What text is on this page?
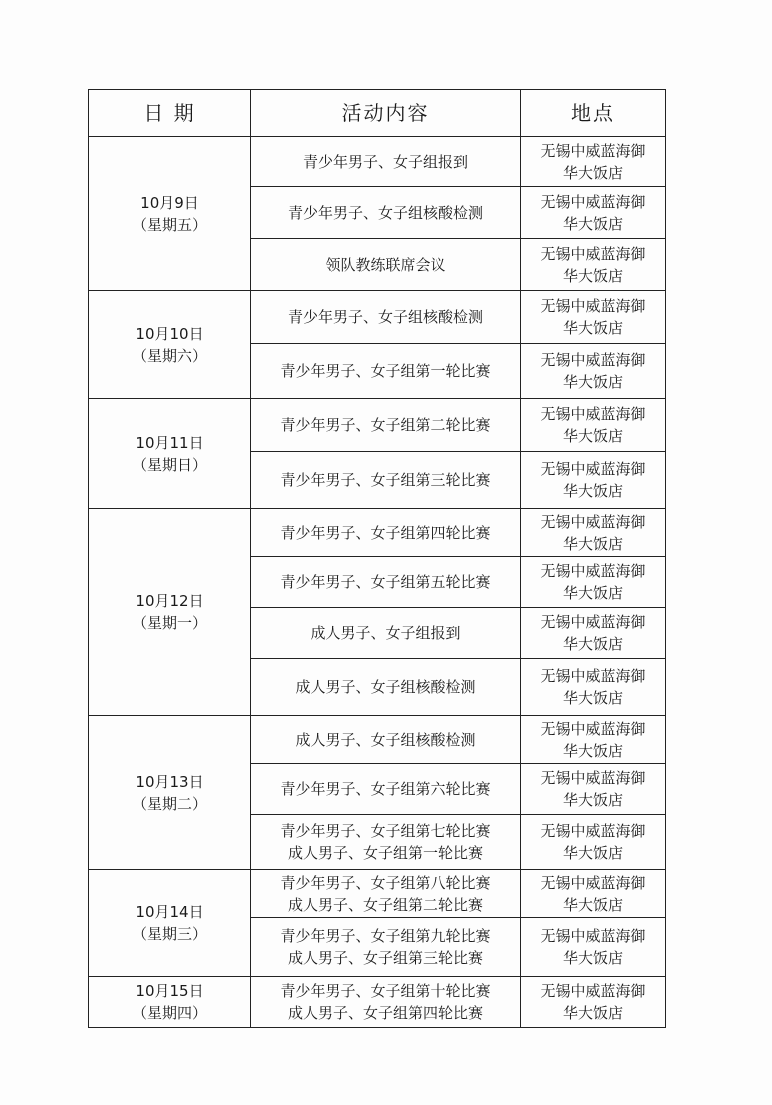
日 期	活动内容	地点

10月9日
（星期五）	青少年男子、女子组报到	无锡中威蓝海御
华大饭店

	青少年男子、女子组核酸检测	无锡中威蓝海御
华大饭店

	领队教练联席会议	无锡中威蓝海御
华大饭店

10月10日
（星期六）	青少年男子、女子组核酸检测	无锡中威蓝海御
华大饭店

	青少年男子、女子组第一轮比赛	无锡中威蓝海御
华大饭店

10月11日
（星期日）	青少年男子、女子组第二轮比赛	无锡中威蓝海御
华大饭店

	青少年男子、女子组第三轮比赛	无锡中威蓝海御
华大饭店

10月12日
（星期一）	青少年男子、女子组第四轮比赛	无锡中威蓝海御
华大饭店

	青少年男子、女子组第五轮比赛	无锡中威蓝海御
华大饭店

	成人男子、女子组报到	无锡中威蓝海御
华大饭店

	成人男子、女子组核酸检测	无锡中威蓝海御
华大饭店

10月13日
（星期二）	成人男子、女子组核酸检测	无锡中威蓝海御
华大饭店

	青少年男子、女子组第六轮比赛	无锡中威蓝海御
华大饭店

	青少年男子、女子组第七轮比赛
成人男子、女子组第一轮比赛	无锡中威蓝海御
华大饭店

10月14日
（星期三）	青少年男子、女子组第八轮比赛
成人男子、女子组第二轮比赛	无锡中威蓝海御
华大饭店

	青少年男子、女子组第九轮比赛
成人男子、女子组第三轮比赛	无锡中威蓝海御
华大饭店

10月15日
（星期四）	青少年男子、女子组第十轮比赛
成人男子、女子组第四轮比赛	无锡中威蓝海御
华大饭店
